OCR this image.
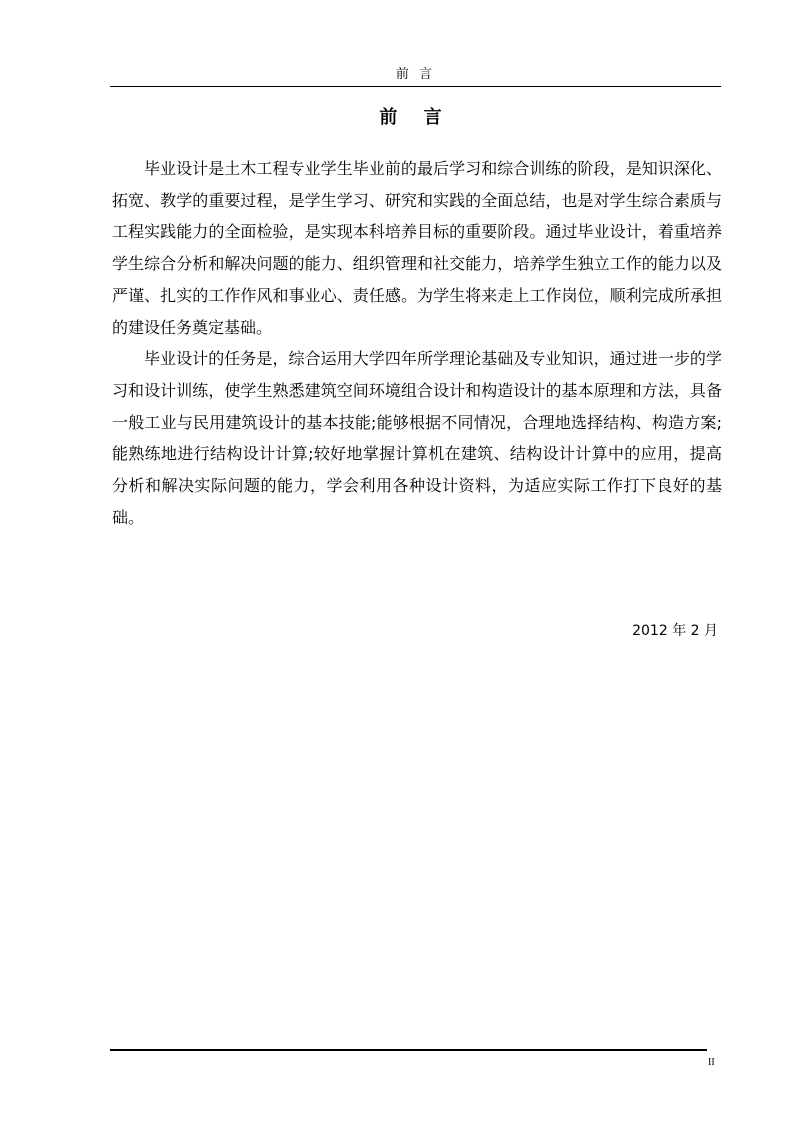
前 言
前 言

毕业设计是土木工程专业学生毕业前的最后学习和综合训练的阶段，是知识深化、拓宽、教学的重要过程，是学生学习、研究和实践的全面总结，也是对学生综合素质与工程实践能力的全面检验，是实现本科培养目标的重要阶段。通过毕业设计，着重培养学生综合分析和解决问题的能力、组织管理和社交能力，培养学生独立工作的能力以及严谨、扎实的工作作风和事业心、责任感。为学生将来走上工作岗位，顺利完成所承担的建设任务奠定基础。

毕业设计的任务是，综合运用大学四年所学理论基础及专业知识，通过进一步的学习和设计训练，使学生熟悉建筑空间环境组合设计和构造设计的基本原理和方法，具备一般工业与民用建筑设计的基本技能;能够根据不同情况，合理地选择结构、构造方案;能熟练地进行结构设计计算;较好地掌握计算机在建筑、结构设计计算中的应用，提高分析和解决实际问题的能力，学会利用各种设计资料，为适应实际工作打下良好的基础。

2012 年 2 月
II
